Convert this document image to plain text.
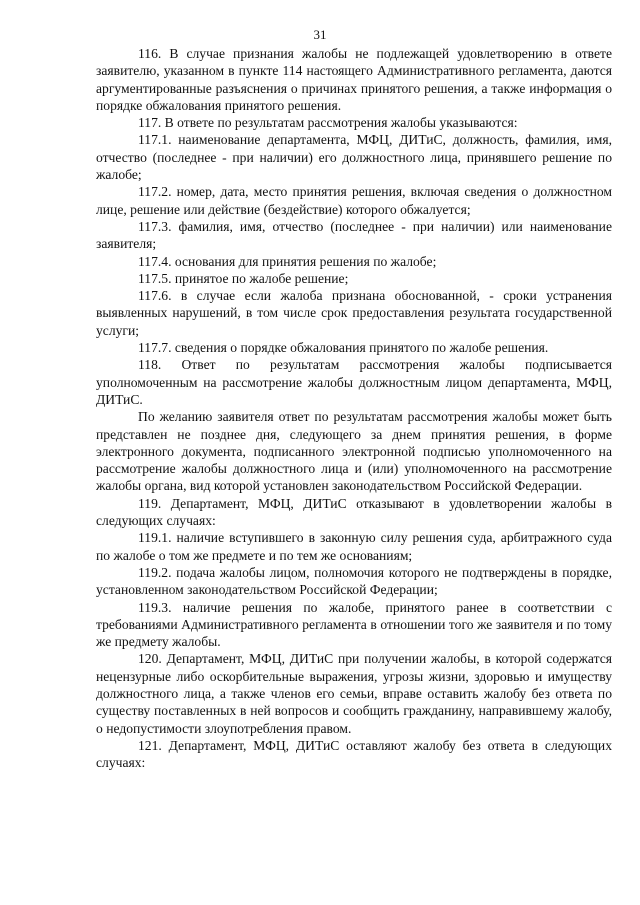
31

116. В случае признания жалобы не подлежащей удовлетворению в ответе заявителю, указанном в пункте 114 настоящего Административного регламента, даются аргументированные разъяснения о причинах принятого решения, а также информация о порядке обжалования принятого решения.

117. В ответе по результатам рассмотрения жалобы указываются:

117.1. наименование департамента, МФЦ, ДИТиС, должность, фамилия, имя, отчество (последнее - при наличии) его должностного лица, принявшего решение по жалобе;

117.2. номер, дата, место принятия решения, включая сведения о должностном лице, решение или действие (бездействие) которого обжалуется;

117.3. фамилия, имя, отчество (последнее - при наличии) или наименование заявителя;

117.4. основания для принятия решения по жалобе;

117.5. принятое по жалобе решение;

117.6. в случае если жалоба признана обоснованной, - сроки устранения выявленных нарушений, в том числе срок предоставления результата государственной услуги;

117.7. сведения о порядке обжалования принятого по жалобе решения.

118. Ответ по результатам рассмотрения жалобы подписывается уполномоченным на рассмотрение жалобы должностным лицом департамента, МФЦ, ДИТиС.

По желанию заявителя ответ по результатам рассмотрения жалобы может быть представлен не позднее дня, следующего за днем принятия решения, в форме электронного документа, подписанного электронной подписью уполномоченного на рассмотрение жалобы должностного лица и (или) уполномоченного на рассмотрение жалобы органа, вид которой установлен законодательством Российской Федерации.

119. Департамент, МФЦ, ДИТиС отказывают в удовлетворении жалобы в следующих случаях:

119.1. наличие вступившего в законную силу решения суда, арбитражного суда по жалобе о том же предмете и по тем же основаниям;

119.2. подача жалобы лицом, полномочия которого не подтверждены в порядке, установленном законодательством Российской Федерации;

119.3. наличие решения по жалобе, принятого ранее в соответствии с требованиями Административного регламента в отношении того же заявителя и по тому же предмету жалобы.

120. Департамент, МФЦ, ДИТиС при получении жалобы, в которой содержатся нецензурные либо оскорбительные выражения, угрозы жизни, здоровью и имуществу должностного лица, а также членов его семьи, вправе оставить жалобу без ответа по существу поставленных в ней вопросов и сообщить гражданину, направившему жалобу, о недопустимости злоупотребления правом.

121. Департамент, МФЦ, ДИТиС оставляют жалобу без ответа в следующих случаях:
